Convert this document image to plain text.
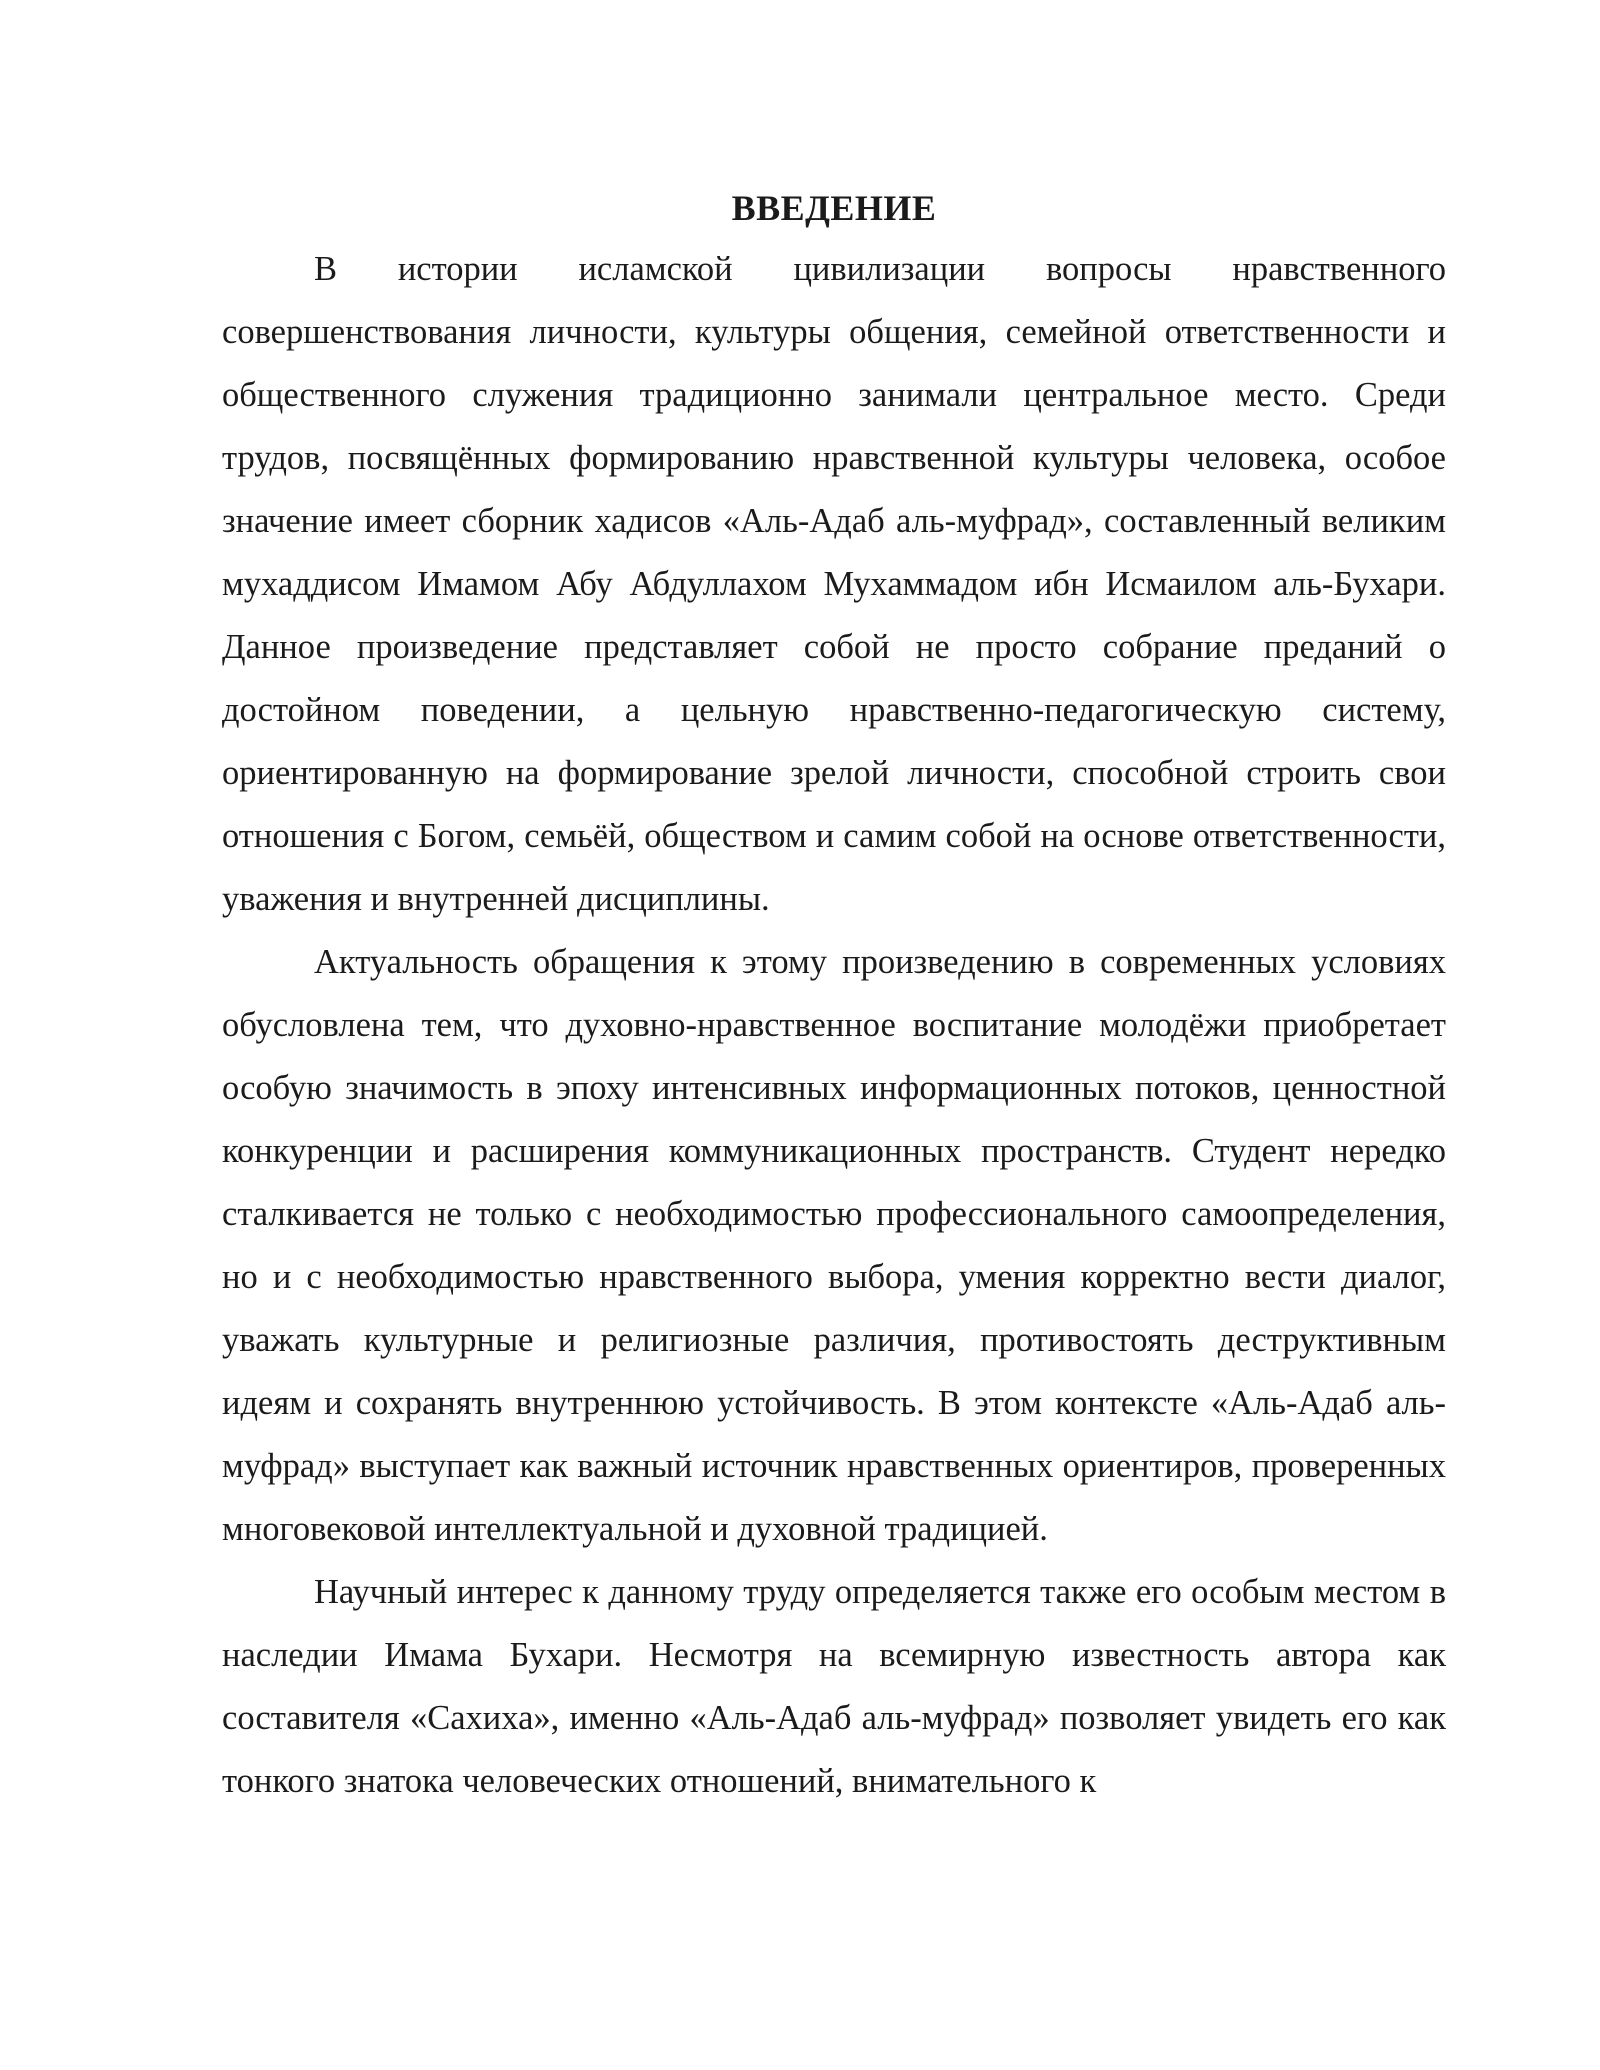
ВВЕДЕНИЕ

В истории исламской цивилизации вопросы нравственного совершенствования личности, культуры общения, семейной ответственности и общественного служения традиционно занимали центральное место. Среди трудов, посвящённых формированию нравственной культуры человека, особое значение имеет сборник хадисов «Аль-Адаб аль-муфрад», составленный великим мухаддисом Имамом Абу Абдуллахом Мухаммадом ибн Исмаилом аль-Бухари. Данное произведение представляет собой не просто собрание преданий о достойном поведении, а цельную нравственно-педагогическую систему, ориентированную на формирование зрелой личности, способной строить свои отношения с Богом, семьёй, обществом и самим собой на основе ответственности, уважения и внутренней дисциплины.

Актуальность обращения к этому произведению в современных условиях обусловлена тем, что духовно-нравственное воспитание молодёжи приобретает особую значимость в эпоху интенсивных информационных потоков, ценностной конкуренции и расширения коммуникационных пространств. Студент нередко сталкивается не только с необходимостью профессионального самоопределения, но и с необходимостью нравственного выбора, умения корректно вести диалог, уважать культурные и религиозные различия, противостоять деструктивным идеям и сохранять внутреннюю устойчивость. В этом контексте «Аль-Адаб аль-муфрад» выступает как важный источник нравственных ориентиров, проверенных многовековой интеллектуальной и духовной традицией.

Научный интерес к данному труду определяется также его особым местом в наследии Имама Бухари. Несмотря на всемирную известность автора как составителя «Сахиха», именно «Аль-Адаб аль-муфрад» позволяет увидеть его как тонкого знатока человеческих отношений, внимательного к
